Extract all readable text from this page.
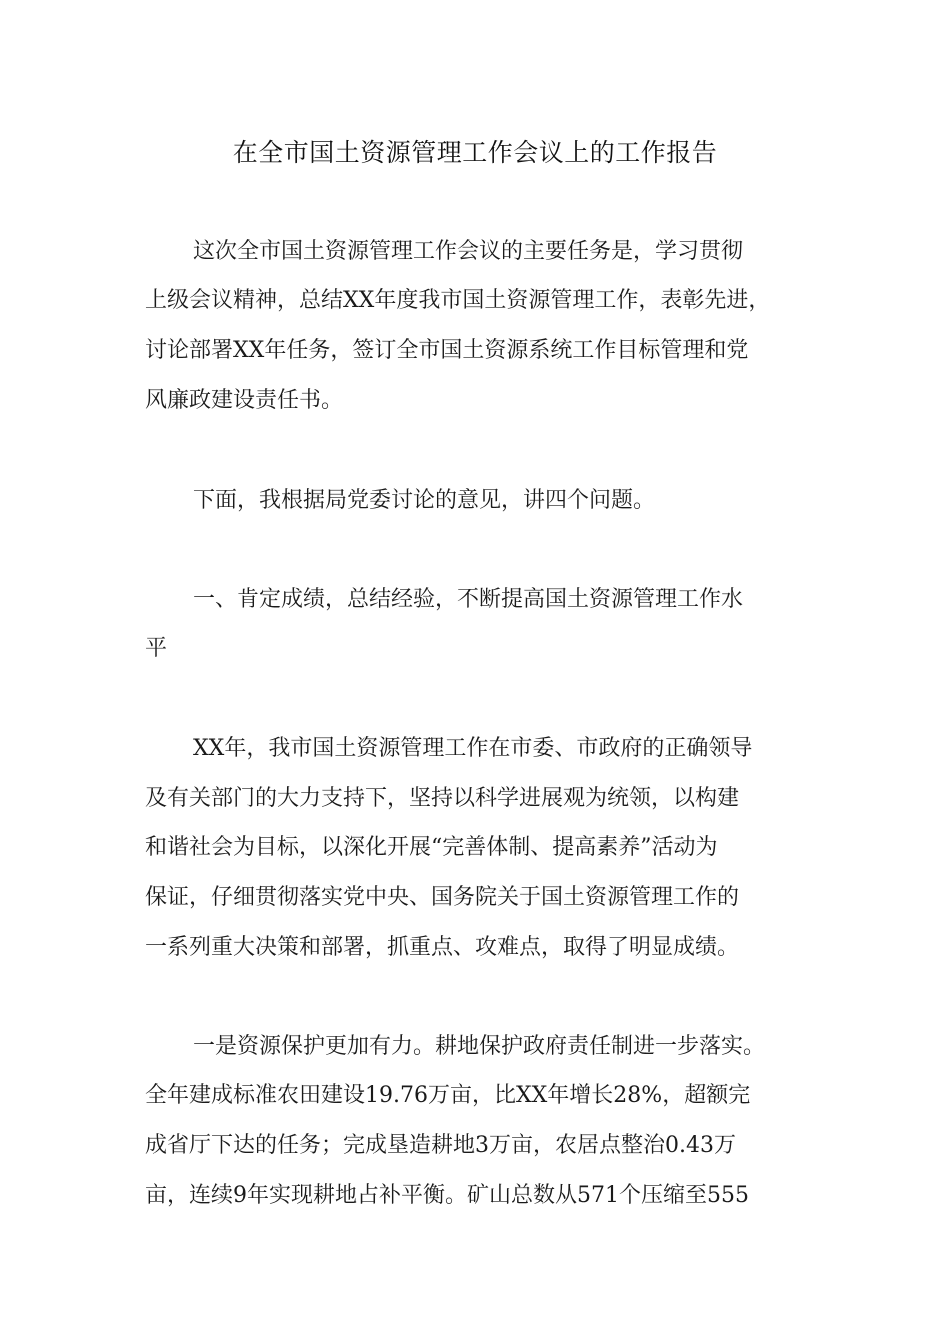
在全市国土资源管理工作会议上的工作报告
这次全市国土资源管理工作会议的主要任务是，学习贯彻
上级会议精神，总结XX年度我市国土资源管理工作，表彰先进，
讨论部署XX年任务，签订全市国土资源系统工作目标管理和党
风廉政建设责任书。
下面，我根据局党委讨论的意见，讲四个问题。
一、肯定成绩，总结经验，不断提高国土资源管理工作水
平
XX年，我市国土资源管理工作在市委、市政府的正确领导
及有关部门的大力支持下，坚持以科学进展观为统领，以构建
和谐社会为目标，以深化开展“完善体制、提高素养”活动为
保证，仔细贯彻落实党中央、国务院关于国土资源管理工作的
一系列重大决策和部署，抓重点、攻难点，取得了明显成绩。
一是资源保护更加有力。耕地保护政府责任制进一步落实。
全年建成标准农田建设19.76万亩，比XX年增长28%，超额完
成省厅下达的任务；完成垦造耕地3万亩，农居点整治0.43万
亩，连续9年实现耕地占补平衡。矿山总数从571个压缩至555
